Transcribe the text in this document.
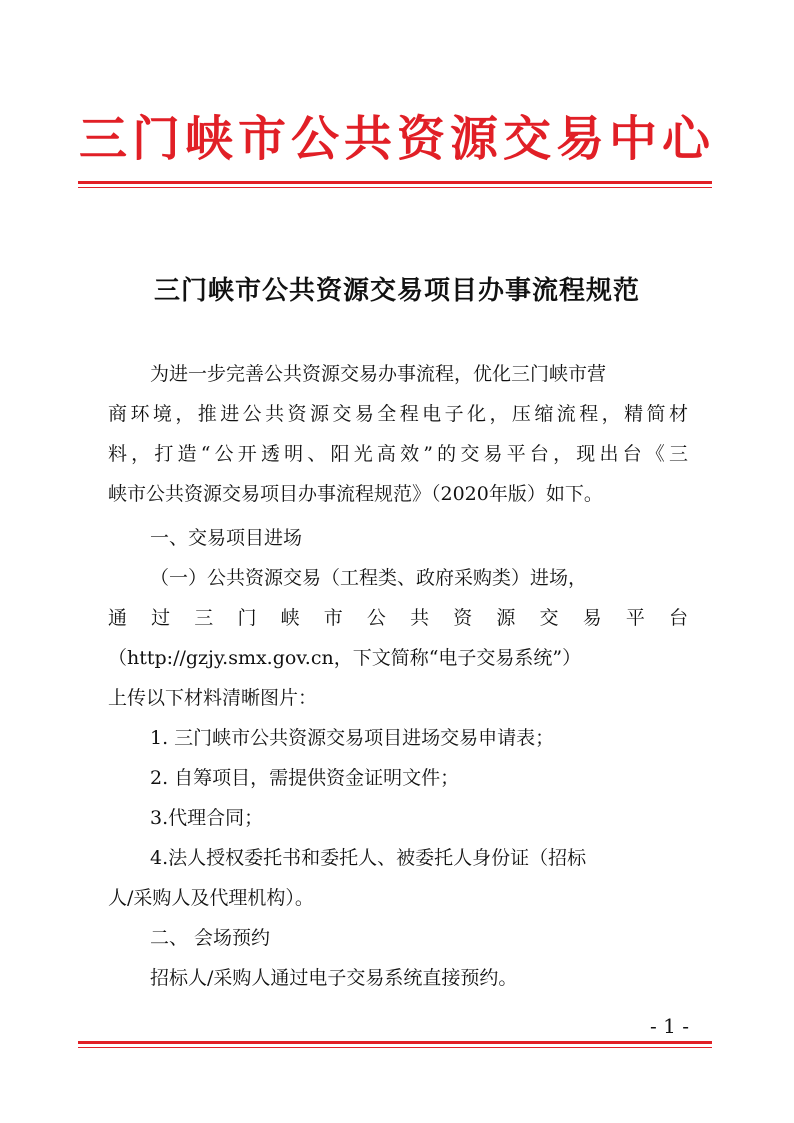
三门峡市公共资源交易中心
三门峡市公共资源交易项目办事流程规范
为进一步完善公共资源交易办事流程，优化三门峡市营
商环境，推进公共资源交易全程电子化，压缩流程，精简材
料，打造“公开透明、阳光高效”的交易平台，现出台《三
峡市公共资源交易项目办事流程规范》（2020年版）如下。
一、交易项目进场
（一）公共资源交易（工程类、政府采购类）进场，
通过三门峡市公共资源交易平台
（http://gzjy.smx.gov.cn，下文简称“电子交易系统”）
上传以下材料清晰图片：
1. 三门峡市公共资源交易项目进场交易申请表；
2. 自筹项目，需提供资金证明文件；
3.代理合同；
4.法人授权委托书和委托人、被委托人身份证（招标
人/采购人及代理机构）。
二、 会场预约
招标人/采购人通过电子交易系统直接预约。
- 1 -
